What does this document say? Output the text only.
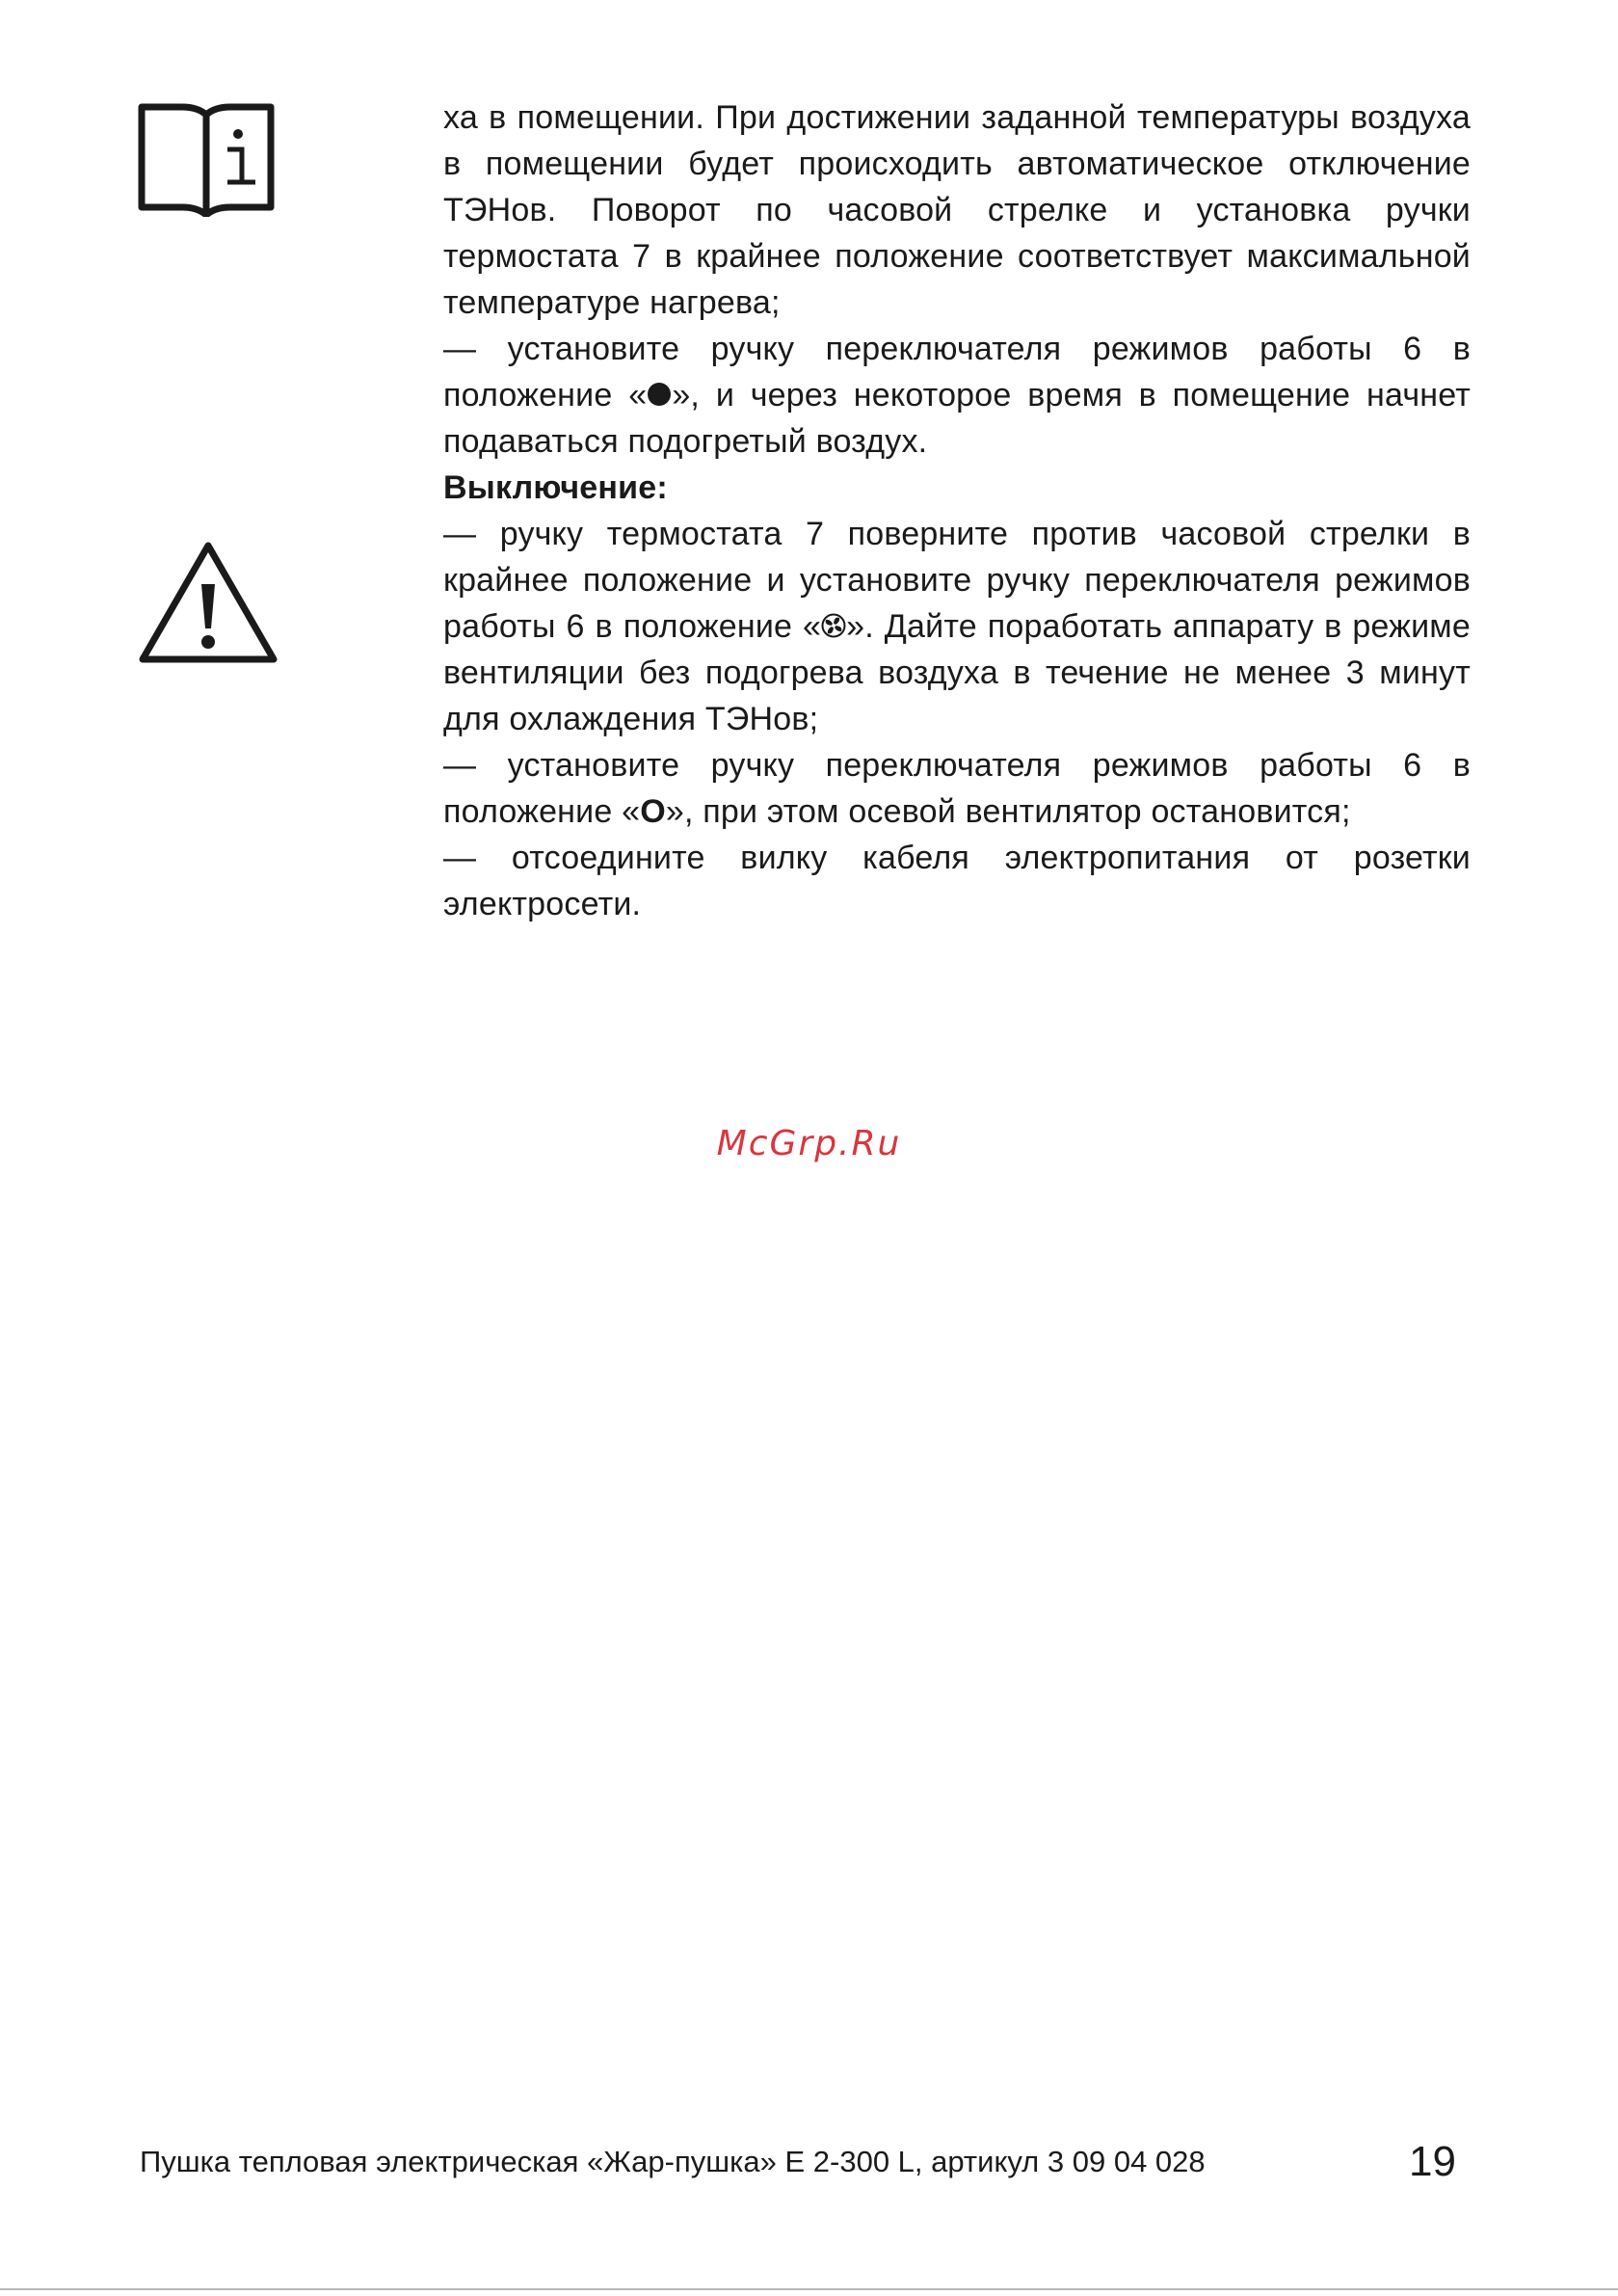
ха в помещении. При достижении заданной температуры воздуха в помещении будет происходить автоматическое отключение ТЭНов. Поворот по часовой стрелке и установка ручки термостата 7 в крайнее положение соответствует максимальной температуре нагрева;

— установите ручку переключателя режимов работы 6 в положение « », и через некоторое время в помещение начнет подаваться подогретый воздух.

Выключение:

— ручку термостата 7 поверните против часовой стрелки в крайнее положение и установите ручку переключателя режимов работы 6 в положение « ». Дайте поработать аппарату в режиме вентиляции без подогрева воздуха в течение не менее 3 минут для охлаждения ТЭНов;

— установите ручку переключателя режимов работы 6 в положение «O», при этом осевой вентилятор остановится;

— отсоедините вилку кабеля электропитания от розетки электросети.

McGrp.Ru
Пушка тепловая электрическая «Жар-пушка» Е 2-300 L, артикул 3 09 04 028	19
